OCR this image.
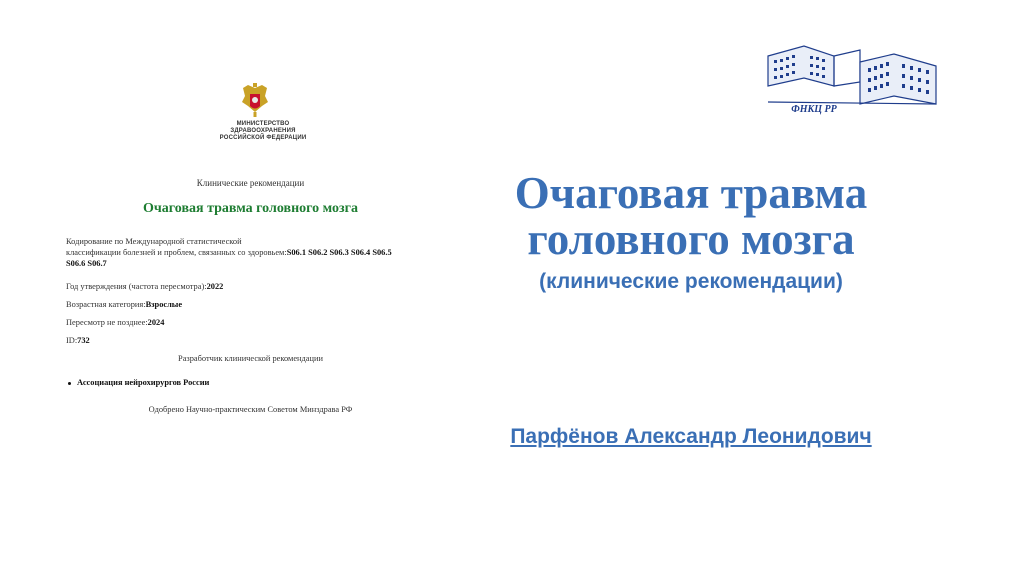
МИНИСТЕРСТВО
ЗДРАВООХРАНЕНИЯ
РОССИЙСКОЙ ФЕДЕРАЦИИ
Клинические рекомендации
Очаговая травма головного мозга
Кодирование по Международной статистической
классификации болезней и проблем, связанных со здоровьем:S06.1 S06.2 S06.3 S06.4 S06.5
S06.6 S06.7
Год утверждения (частота пересмотра):2022
Возрастная категория:Взрослые
Пересмотр не позднее:2024
ID:732
Разработчик клинической рекомендации
Ассоциация нейрохирургов России
Одобрено Научно-практическим Советом Минздрава РФ
ФНКЦ РР
Очаговая травма
головного мозга
(клинические рекомендации)
Парфёнов Александр Леонидович
